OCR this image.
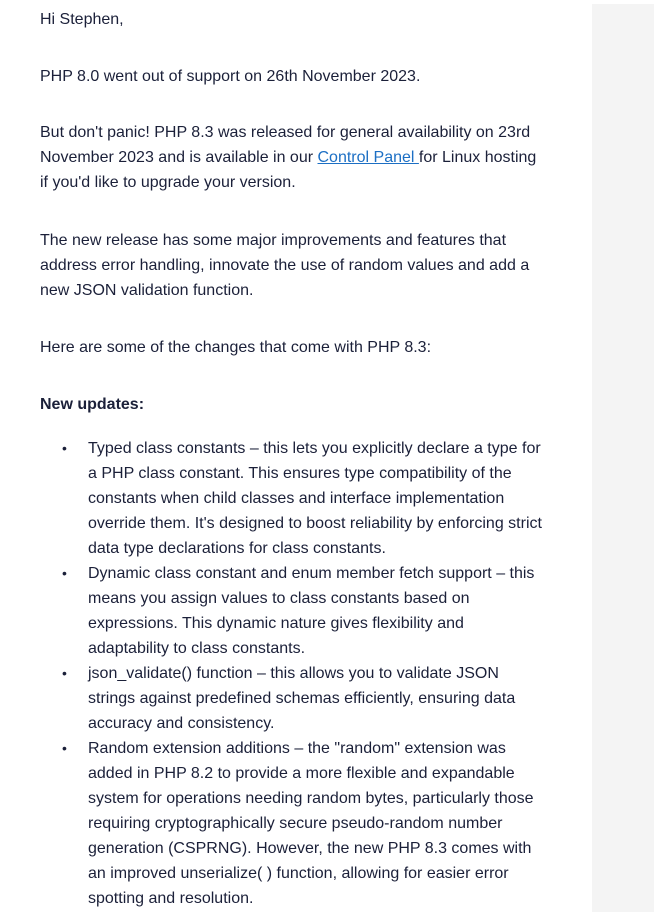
Hi Stephen,

PHP 8.0 went out of support on 26th November 2023.

But don't panic! PHP 8.3 was released for general availability on 23rd November 2023 and is available in our Control Panel for Linux hosting if you'd like to upgrade your version.

The new release has some major improvements and features that address error handling, innovate the use of random values and add a new JSON validation function.

Here are some of the changes that come with PHP 8.3:

New updates:

• Typed class constants – this lets you explicitly declare a type for a PHP class constant. This ensures type compatibility of the constants when child classes and interface implementation override them. It's designed to boost reliability by enforcing strict data type declarations for class constants.
• Dynamic class constant and enum member fetch support – this means you assign values to class constants based on expressions. This dynamic nature gives flexibility and adaptability to class constants.
• json_validate() function – this allows you to validate JSON strings against predefined schemas efficiently, ensuring data accuracy and consistency.
• Random extension additions – the "random" extension was added in PHP 8.2 to provide a more flexible and expandable system for operations needing random bytes, particularly those requiring cryptographically secure pseudo-random number generation (CSPRNG). However, the new PHP 8.3 comes with an improved unserialize( ) function, allowing for easier error spotting and resolution.
